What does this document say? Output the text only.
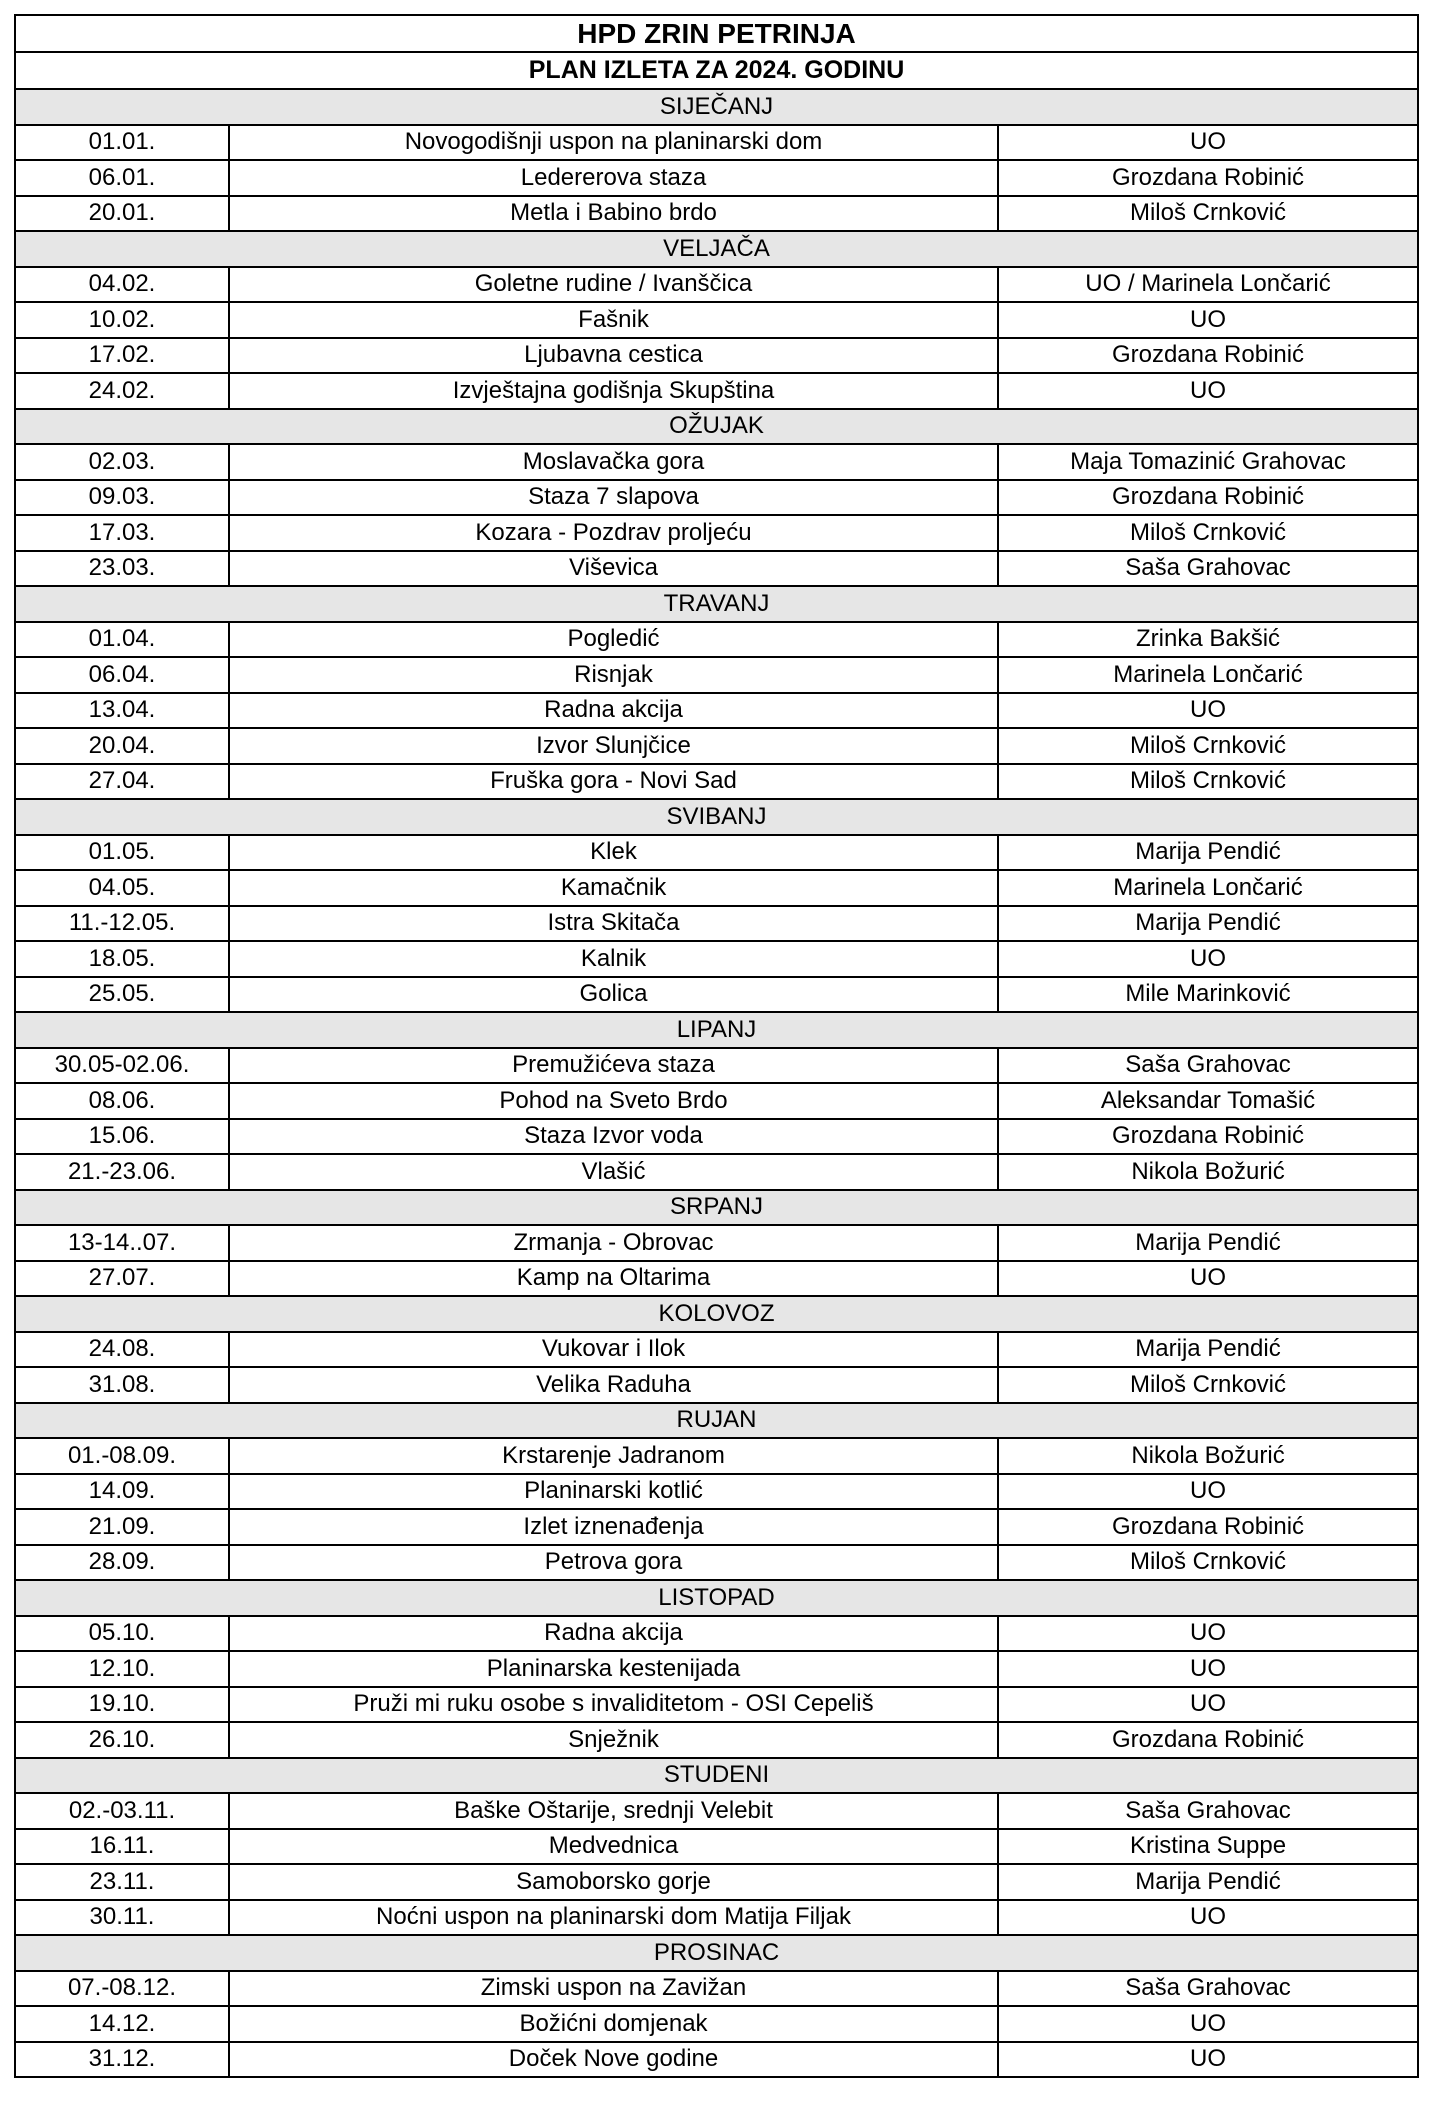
HPD ZRIN PETRINJA		
PLAN IZLETA ZA 2024. GODINU		
SIJEČANJ		
01.01.	Novogodišnji uspon na planinarski dom	UO
06.01.	Ledererova staza	Grozdana Robinić
20.01.	Metla i Babino brdo	Miloš Crnković
VELJAČA		
04.02.	Goletne rudine / Ivanščica	UO / Marinela Lončarić
10.02.	Fašnik	UO
17.02.	Ljubavna cestica	Grozdana Robinić
24.02.	Izvještajna godišnja Skupština	UO
OŽUJAK		
02.03.	Moslavačka gora	Maja Tomazinić Grahovac
09.03.	Staza 7 slapova	Grozdana Robinić
17.03.	Kozara - Pozdrav proljeću	Miloš Crnković
23.03.	Viševica	Saša Grahovac
TRAVANJ		
01.04.	Pogledić	Zrinka Bakšić
06.04.	Risnjak	Marinela Lončarić
13.04.	Radna akcija	UO
20.04.	Izvor Slunjčice	Miloš Crnković
27.04.	Fruška gora - Novi Sad	Miloš Crnković
SVIBANJ		
01.05.	Klek	Marija Pendić
04.05.	Kamačnik	Marinela Lončarić
11.-12.05.	Istra Skitača	Marija Pendić
18.05.	Kalnik	UO
25.05.	Golica	Mile Marinković
LIPANJ		
30.05-02.06.	Premužićeva staza	Saša Grahovac
08.06.	Pohod na Sveto Brdo	Aleksandar Tomašić
15.06.	Staza Izvor voda	Grozdana Robinić
21.-23.06.	Vlašić	Nikola Božurić
SRPANJ		
13-14..07.	Zrmanja - Obrovac	Marija Pendić
27.07.	Kamp na Oltarima	UO
KOLOVOZ		
24.08.	Vukovar i Ilok	Marija Pendić
31.08.	Velika Raduha	Miloš Crnković
RUJAN		
01.-08.09.	Krstarenje Jadranom	Nikola Božurić
14.09.	Planinarski kotlić	UO
21.09.	Izlet iznenađenja	Grozdana Robinić
28.09.	Petrova gora	Miloš Crnković
LISTOPAD		
05.10.	Radna akcija	UO
12.10.	Planinarska kestenijada	UO
19.10.	Pruži mi ruku osobe s invaliditetom - OSI Cepeliš	UO
26.10.	Snježnik	Grozdana Robinić
STUDENI		
02.-03.11.	Baške Oštarije, srednji Velebit	Saša Grahovac
16.11.	Medvednica	Kristina Suppe
23.11.	Samoborsko gorje	Marija Pendić
30.11.	Noćni uspon na planinarski dom Matija Filjak	UO
PROSINAC		
07.-08.12.	Zimski uspon na Zavižan	Saša Grahovac
14.12.	Božićni domjenak	UO
31.12.	Doček Nove godine	UO
